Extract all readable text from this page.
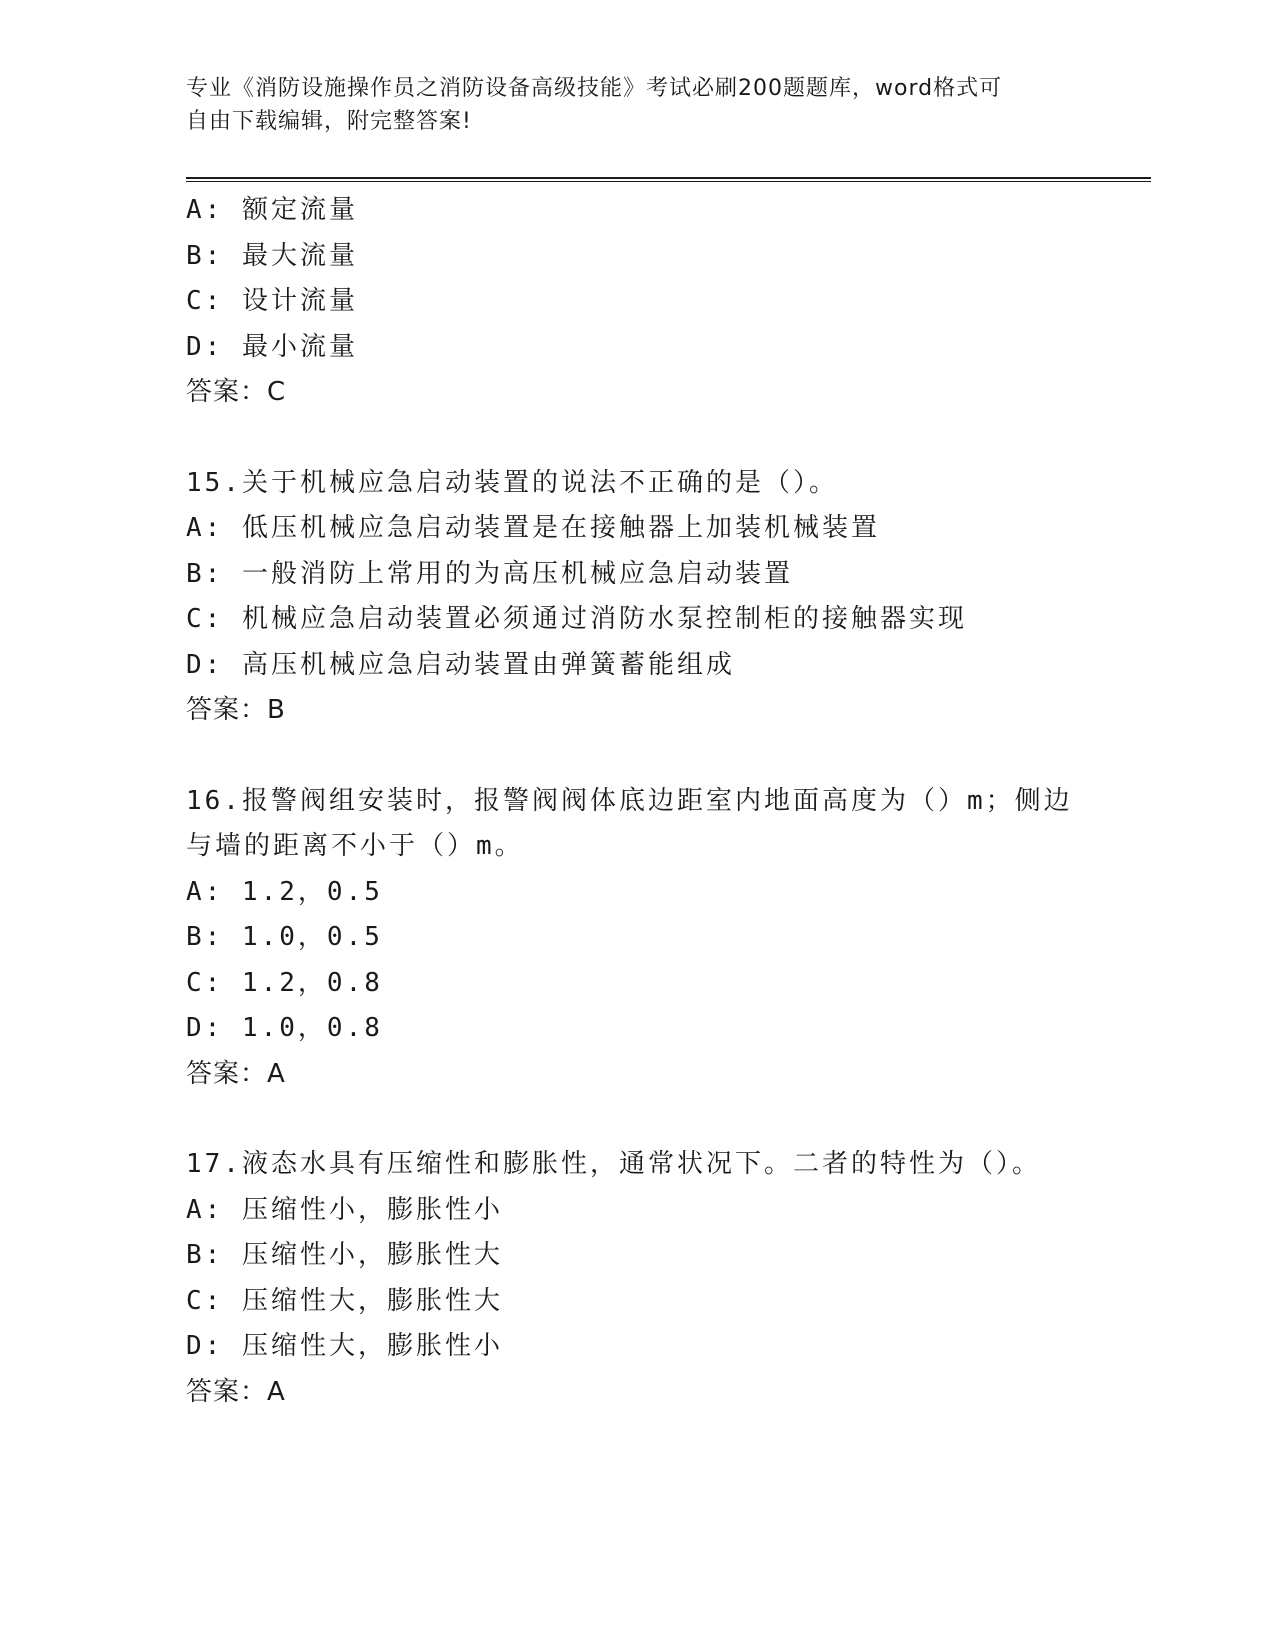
专业《消防设施操作员之消防设备高级技能》考试必刷200题题库，word格式可
自由下载编辑，附完整答案!
A: 额定流量
B: 最大流量
C: 设计流量
D: 最小流量
答案：C
15.关于机械应急启动装置的说法不正确的是（）。
A: 低压机械应急启动装置是在接触器上加装机械装置
B: 一般消防上常用的为高压机械应急启动装置
C: 机械应急启动装置必须通过消防水泵控制柜的接触器实现
D: 高压机械应急启动装置由弹簧蓄能组成
答案：B
16.报警阀组安装时，报警阀阀体底边距室内地面高度为（）m；侧边
与墙的距离不小于（）m。
A: 1.2，0.5
B: 1.0，0.5
C: 1.2，0.8
D: 1.0，0.8
答案：A
17.液态水具有压缩性和膨胀性，通常状况下。二者的特性为（）。
A: 压缩性小，膨胀性小
B: 压缩性小，膨胀性大
C: 压缩性大，膨胀性大
D: 压缩性大，膨胀性小
答案：A
